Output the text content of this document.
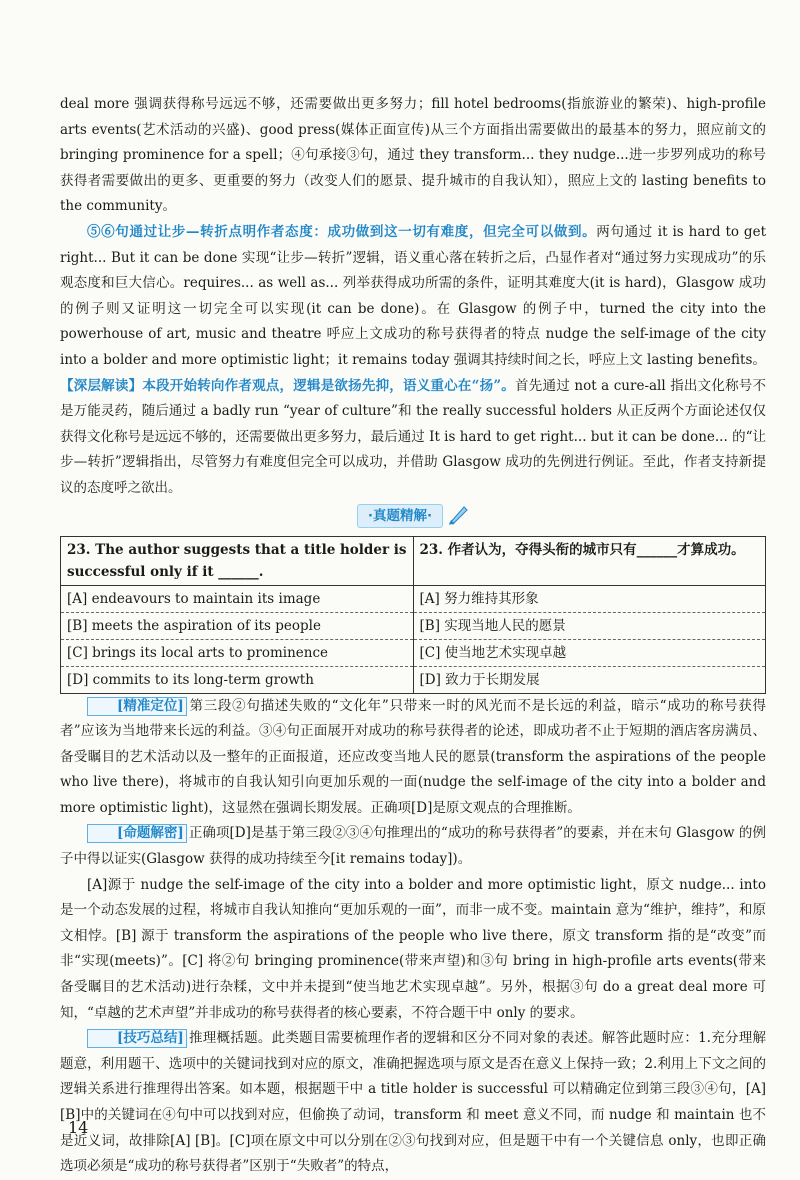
deal more 强调获得称号远远不够，还需要做出更多努力；fill hotel bedrooms(指旅游业的繁荣)、high-profile arts events(艺术活动的兴盛)、good press(媒体正面宣传)从三个方面指出需要做出的最基本的努力，照应前文的 bringing prominence for a spell；④句承接③句，通过 they transform... they nudge...进一步罗列成功的称号获得者需要做出的更多、更重要的努力（改变人们的愿景、提升城市的自我认知），照应上文的 lasting benefits to the community。

⑤⑥句通过让步—转折点明作者态度：成功做到这一切有难度，但完全可以做到。两句通过 it is hard to get right... But it can be done 实现“让步—转折”逻辑，语义重心落在转折之后，凸显作者对“通过努力实现成功”的乐观态度和巨大信心。requires... as well as... 列举获得成功所需的条件，证明其难度大(it is hard)，Glasgow 成功的例子则又证明这一切完全可以实现(it can be done)。在 Glasgow 的例子中，turned the city into the powerhouse of art, music and theatre 呼应上文成功的称号获得者的特点 nudge the self-image of the city into a bolder and more optimistic light；it remains today 强调其持续时间之长，呼应上文 lasting benefits。

【深层解读】本段开始转向作者观点，逻辑是欲扬先抑，语义重心在“扬”。首先通过 not a cure-all 指出文化称号不是万能灵药，随后通过 a badly run “year of culture”和 the really successful holders 从正反两个方面论述仅仅获得文化称号是远远不够的，还需要做出更多努力，最后通过 It is hard to get right... but it can be done... 的“让步—转折”逻辑指出，尽管努力有难度但完全可以成功，并借助 Glasgow 成功的先例进行例证。至此，作者支持新提议的态度呼之欲出。

·真题精解·
23. The author suggests that a title holder is successful only if it ______.	23. 作者认为，夺得头衔的城市只有______才算成功。
[A] endeavours to maintain its image	[A] 努力维持其形象
[B] meets the aspiration of its people	[B] 实现当地人民的愿景
[C] brings its local arts to prominence	[C] 使当地艺术实现卓越
[D] commits to its long-term growth	[D] 致力于长期发展

[精准定位] 第三段②句描述失败的“文化年”只带来一时的风光而不是长远的利益，暗示“成功的称号获得者”应该为当地带来长远的利益。③④句正面展开对成功的称号获得者的论述，即成功者不止于短期的酒店客房满员、备受瞩目的艺术活动以及一整年的正面报道，还应改变当地人民的愿景(transform the aspirations of the people who live there)，将城市的自我认知引向更加乐观的一面(nudge the self-image of the city into a bolder and more optimistic light)，这显然在强调长期发展。正确项[D]是原文观点的合理推断。

[命题解密] 正确项[D]是基于第三段②③④句推理出的“成功的称号获得者”的要素，并在末句 Glasgow 的例子中得以证实(Glasgow 获得的成功持续至今[it remains today])。

[A]源于 nudge the self-image of the city into a bolder and more optimistic light，原文 nudge... into 是一个动态发展的过程，将城市自我认知推向“更加乐观的一面”，而非一成不变。maintain 意为“维护，维持”，和原文相悖。[B] 源于 transform the aspirations of the people who live there，原文 transform 指的是“改变”而非“实现(meets)”。[C] 将②句 bringing prominence(带来声望)和③句 bring in high-profile arts events(带来备受瞩目的艺术活动)进行杂糅，文中并未提到“使当地艺术实现卓越”。另外，根据③句 do a great deal more 可知，“卓越的艺术声望”并非成功的称号获得者的核心要素，不符合题干中 only 的要求。

[技巧总结] 推理概括题。此类题目需要梳理作者的逻辑和区分不同对象的表述。解答此题时应：1.充分理解题意，利用题干、选项中的关键词找到对应的原文，准确把握选项与原文是否在意义上保持一致；2.利用上下文之间的逻辑关系进行推理得出答案。如本题，根据题干中 a title holder is successful 可以精确定位到第三段③④句，[A] [B]中的关键词在④句中可以找到对应，但偷换了动词，transform 和 meet 意义不同，而 nudge 和 maintain 也不是近义词，故排除[A] [B]。[C]项在原文中可以分别在②③句找到对应，但是题干中有一个关键信息 only，也即正确选项必须是“成功的称号获得者”区别于“失败者”的特点，

14
